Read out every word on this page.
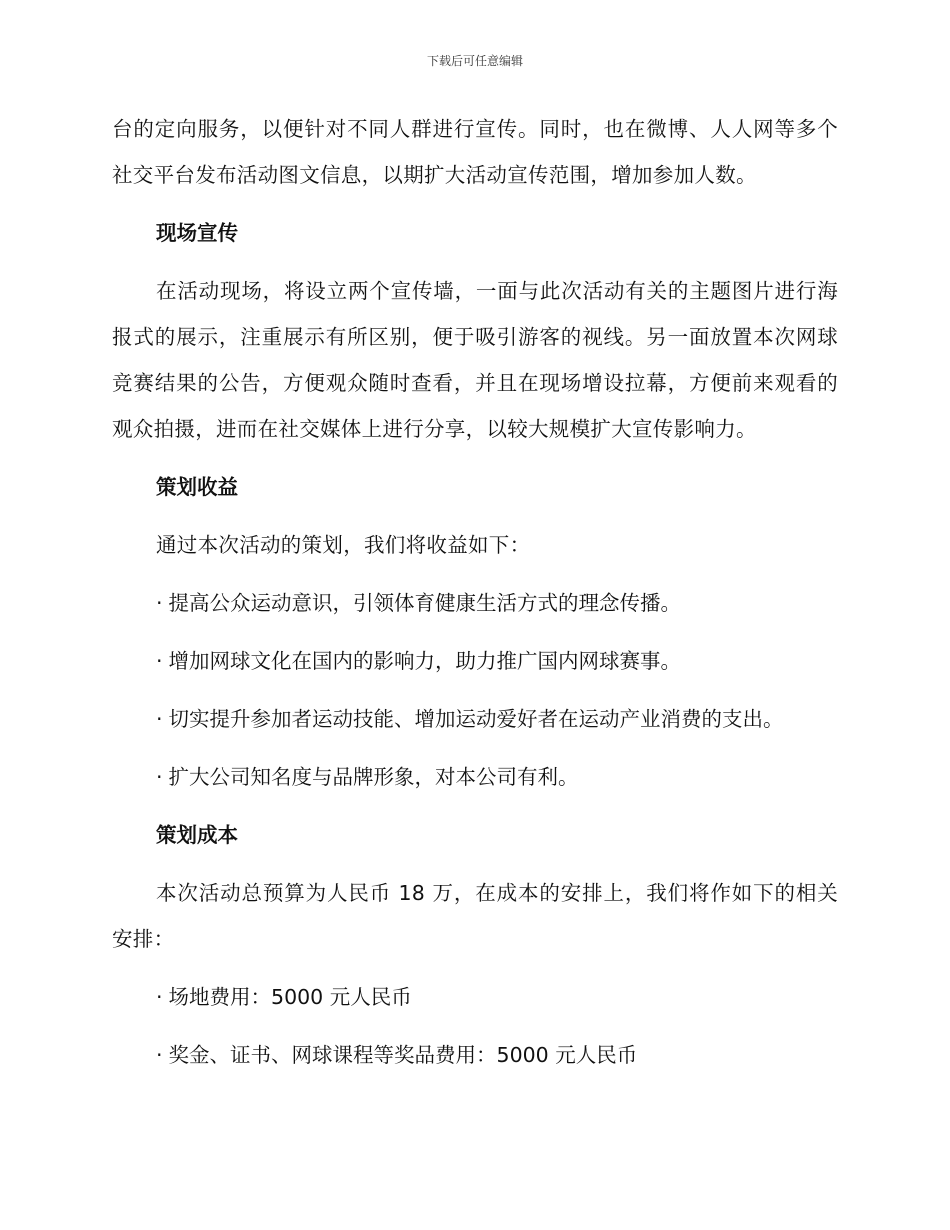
下载后可任意编辑

台的定向服务，以便针对不同人群进行宣传。同时，也在微博、人人网等多个社交平台发布活动图文信息，以期扩大活动宣传范围，增加参加人数。

现场宣传

在活动现场，将设立两个宣传墙，一面与此次活动有关的主题图片进行海报式的展示，注重展示有所区别，便于吸引游客的视线。另一面放置本次网球竞赛结果的公告，方便观众随时查看，并且在现场增设拉幕，方便前来观看的观众拍摄，进而在社交媒体上进行分享，以较大规模扩大宣传影响力。

策划收益

通过本次活动的策划，我们将收益如下：

· 提高公众运动意识，引领体育健康生活方式的理念传播。
· 增加网球文化在国内的影响力，助力推广国内网球赛事。
· 切实提升参加者运动技能、增加运动爱好者在运动产业消费的支出。
· 扩大公司知名度与品牌形象，对本公司有利。
策划成本

本次活动总预算为人民币 18 万，在成本的安排上，我们将作如下的相关安排：

· 场地费用：5000 元人民币
· 奖金、证书、网球课程等奖品费用：5000 元人民币
